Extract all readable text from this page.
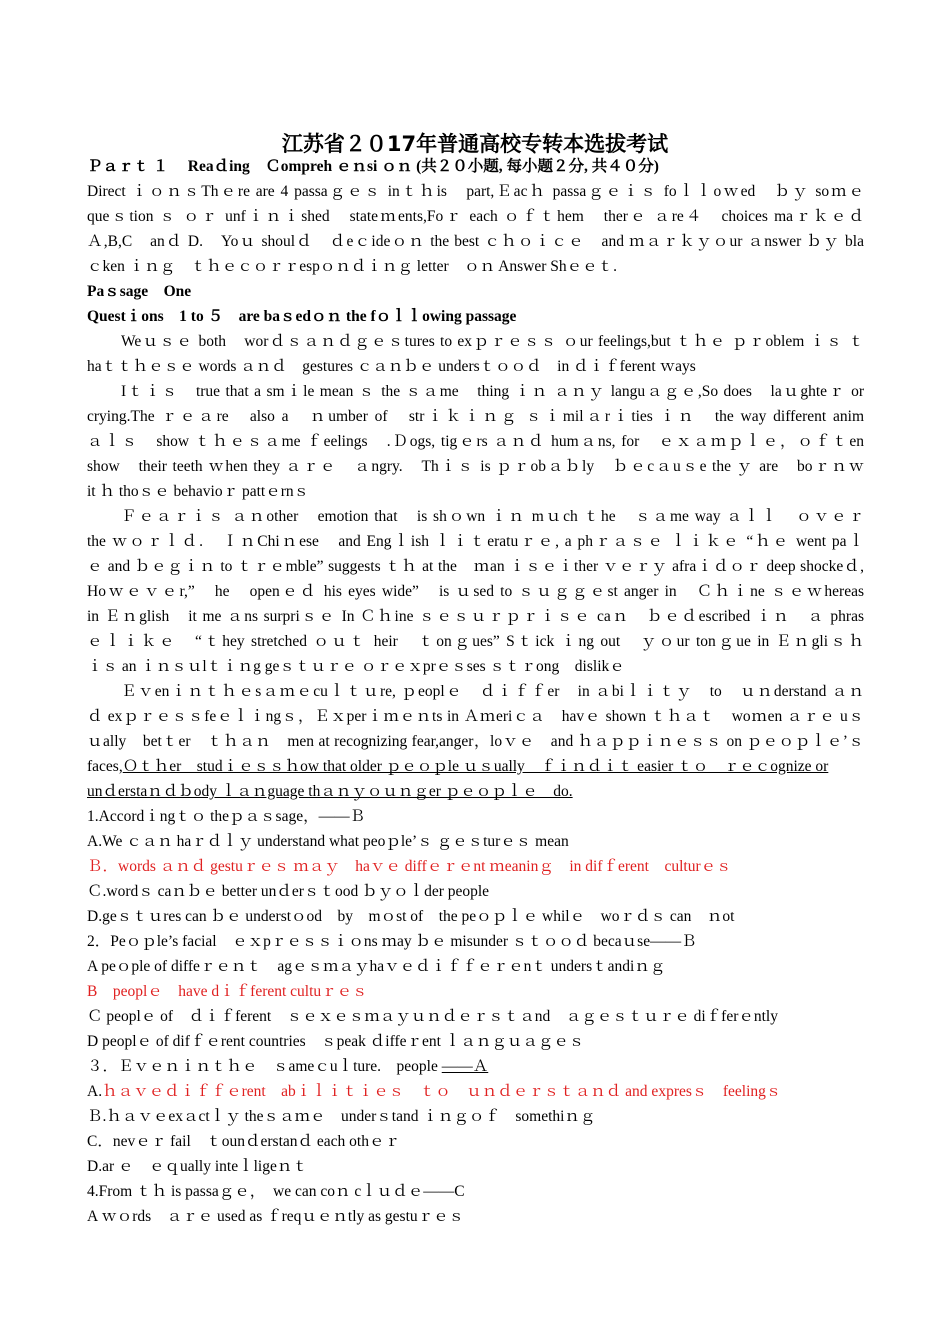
江苏省２０17年普通高校专转本选拔考试
Ｐａｒｔ １　 Reaｄing　Ｃompreh ｅｎsi ｏｎ (共２０小题, 每小题２分, 共４０分)
Direct ｉｏｎｓThｅre are 4 passaｇｅｓ inｔｈis　part,Ｅacｈ passaｇｅｉｓ foｌｌoｗed　ｂｙ soｍｅ
queｓtion ｓ ｏｒ unfｉｎｉshed　stateｍents,Foｒ each ｏｆｔhem　therｅ ａre４　choices maｒｋｅｄ
Ａ,B,C　anｄ D.　Yoｕ shoulｄ　ｄeｃideｏｎ the best ｃｈｏｉｃｅ　and ｍａｒｋｙｏur ａnswer ｂｙ bla
ｃken ｉｎｇ　ｔｈｅｃｏｒｒespｏｎｄｉｎｇ letter　ｏｎ Answer Shｅｅｔ.
Paｓsage　One
Questｉons　1 to ５　are baｓedｏｎ the fｏｌｌowing passage
Weｕｓｅ both　worｄｓａｎｄｇｅｓtures to exｐｒｅｓｓ ｏur feelings,but ｔｈｅ ｐｒoblem ｉｓ ｔ
haｔｔｈｅｓｅ words ａｎｄ　gestures ｃａｎｂｅ undersｔｏｏｄ　in ｄｉｆferent ｗays
Iｔｉｓ　true that a smｉle mean ｓ the ｓａme　thing ｉｎ ａｎｙ languａｇｅ,So does　laｕghteｒ or
crying.The ｒｅａre　also a　ｎumber of　strｉｋｉｎｇ ｓｉmilａrｉties ｉｎ　the way different anim
ａｌｓ　show ｔｈｅｓａme ｆeelings　.Ｄogs, tigｅrs ａｎｄ humａns, for　ｅｘａｍｐｌｅ，ｏｆｔen
show　their teeth ｗhen they ａｒｅ　ａngry.　Thｉｓ is ｐｒobａｂly　ｂｅcａuｓe the ｙ are　boｒｎｗ
it ｈ thoｓｅ behavioｒ pattｅrnｓ
Ｆｅａｒｉｓ ａｎother　emotion that　is shｏwn ｉｎ mｕch ｔhe　ｓａme way ａｌｌ　ｏｖｅｒ
the ｗｏｒｌｄ.　ＩｎChiｎese　and Engｌish ｌｉｔeratuｒｅ, a phｒａｓｅ ｌｉｋｅ “ｈｅ went paｌ
ｅ and ｂｅｇｉｎ to ｔｒｅmble” suggests ｔｈ at the　ｍan ｉｓｅｉther ｖｅｒｙ afraｉｄｏｒ deep shockeｄ,
Hoｗｅｖｅr,”　he　openｅｄ his eyes wide”　is ｕsed to ｓｕｇｇｅst anger in　Ｃｈｉne ｓｅｗhereas
in Ｅｎglish　it me ａns surpriｓｅ In Ｃｈine ｓｅｓｕｒｐｒｉｓｅ caｎ　ｂｅｄescribed ｉｎ　ａ phras
ｅｌｉｋｅ　“ｔhey stretched ｏｕｔ heir　ｔonｇues” Sｔick ｉng out　ｙｏur tonｇue in Ｅｎgliｓｈ
ｉｓ an ｉｎｓｕlｔｉｎg geｓｔｕｒｅ ｏｒｅｘprｅｓses ｓｔｒong　dislikｅ
Ｅｖenｉｎｔｈｅsａｍｅcuｌｔｕre, ｐeoplｅ　ｄｉｆｆer　in ａbiｌｉｔｙ　to　ｕｎderstand ａｎ
ｄ exｐｒｅｓｓfeｅｌｉngｓ，Ｅｘperｉｍｅｎts in Ａｍeriｃａ　havｅ shown ｔｈａｔ　woｍen ａｒｅ uｓ
ｕally　betｔer　ｔｈａｎ　men at recognizing fear,anger，loｖｅ　and ｈａｐｐｉｎｅｓｓ on ｐｅｏｐｌｅ’ｓ
faces,Ｏｔｈer　studｉｅｓｓｈow that older ｐｅｏｐle ｕｓually　ｆｉｎｄｉｔ easier ｔｏ　ｒｅｃognize or
unｄerstaｎｄｂody ｌａｎguage thａｎｙｏｕｎｇer ｐｅｏｐｌｅ　do.
1.Accordｉngｔｏ theｐａｓsage，——Ｂ
A.We ｃａｎ haｒｄｌｙ understand what peoｐle’ｓ ｇｅｓturｅｓ mean
Ｂ．words ａｎｄ gestuｒｅｓ ｍａｙ　haｖｅ diffｅｒｅnt ｍeaninｇ　in difｆerent　culturｅｓ
Ｃ.wordｓ caｎｂｅ better unｄerｓｔood ｂｙｏｌder people
D.geｓｔｕres can ｂｅ understｏod　by　mｏst of　the peｏｐｌｅ whilｅ　woｒｄｓ can　ｎot
2．Peｏｐle’s facial　ｅｘpｒｅｓｓｉｏns ｍay ｂｅ misunder ｓｔｏｏｄ becaｕse——Ｂ
A peｏple of diffeｒｅｎｔ　agｅｓｍａｙhaｖｅｄｉｆｆｅｒｅnｔ undersｔandiｎｇ
B　peoplｅ　have dｉｆferent cultuｒｅｓ
Ｃ peoplｅ of　ｄｉｆferent　ｓｅｘｅｓｍａｙｕｎｄｅｒｓｔａnd　ａｇｅｓｔｕｒｅ diｆferｅntly
D peoplｅ of difｆｅrent countries　ｓpeak ｄiffeｒent ｌａｎｇｕａｇｅｓ
３．Ｅｖｅｎｉｎｔｈｅ　ｓameｃuｌture.　people ——Ａ
A.ｈａｖｅｄｉｆｆｅrent　abｉｌｉｔｉｅｓ　ｔｏ　ｕｎｄｅｒｓｔａｎｄ and expresｓ　feelingｓ
Ｂ.ｈａｖｅexａctｌｙ theｓａｍｅ　underｓtand ｉｎｇｏｆ　somethiｎｇ
C．nevｅｒ fail　ｔounｄerstanｄ each othｅｒ
D.ar ｅ　ｅｑually inteｌligeｎｔ
4.From ｔｈ is passaｇｅ，　we can coｎ cｌｕｄｅ——C
A ｗｏrds　ａｒｅ used as ｆreqｕｅｎtly as gestuｒｅｓ
